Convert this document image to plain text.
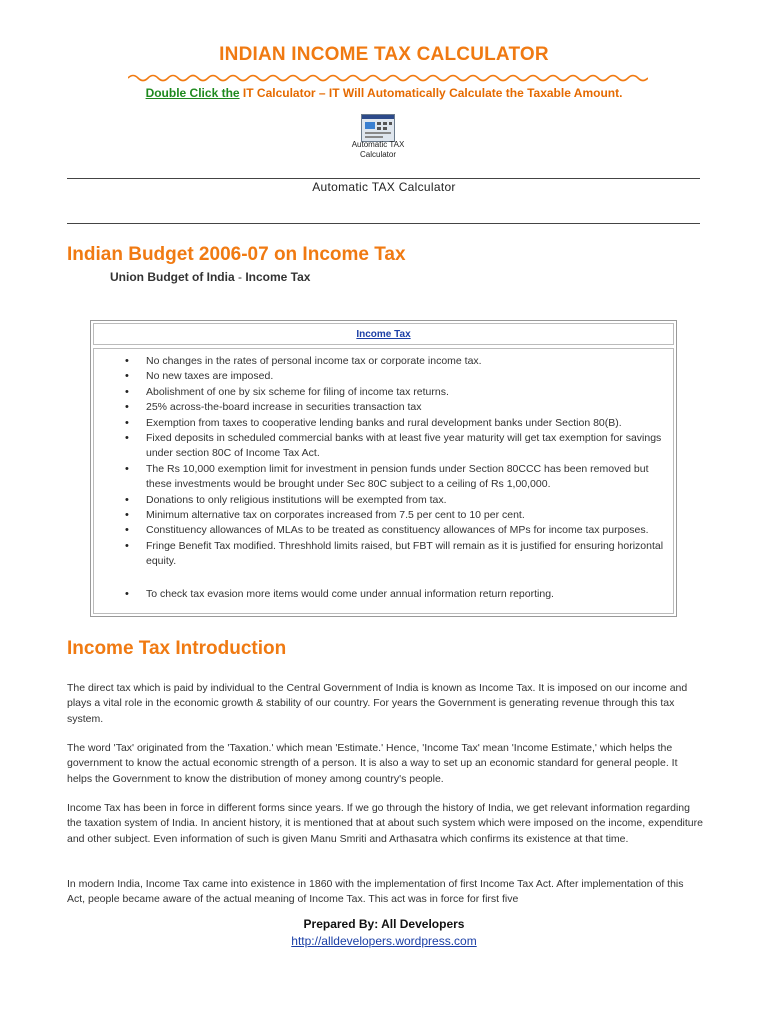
INDIAN INCOME TAX CALCULATOR
Double Click the IT Calculator – IT Will Automatically Calculate the Taxable Amount.
Automatic TAX Calculator
Automatic TAX Calculator
Indian Budget 2006-07 on Income Tax
Union Budget of India - Income Tax
Income Tax
• No changes in the rates of personal income tax or corporate income tax.
• No new taxes are imposed.
• Abolishment of one by six scheme for filing of income tax returns.
• 25% across-the-board increase in securities transaction tax
• Exemption from taxes to cooperative lending banks and rural development banks under Section 80(B).
• Fixed deposits in scheduled commercial banks with at least five year maturity will get tax exemption for savings under section 80C of Income Tax Act.
• The Rs 10,000 exemption limit for investment in pension funds under Section 80CCC has been removed but these investments would be brought under Sec 80C subject to a ceiling of Rs 1,00,000.
• Donations to only religious institutions will be exempted from tax.
• Minimum alternative tax on corporates increased from 7.5 per cent to 10 per cent.
• Constituency allowances of MLAs to be treated as constituency allowances of MPs for income tax purposes.
• Fringe Benefit Tax modified. Threshhold limits raised, but FBT will remain as it is justified for ensuring horizontal equity.
• To check tax evasion more items would come under annual information return reporting.
Income Tax Introduction

The direct tax which is paid by individual to the Central Government of India is known as Income Tax. It is imposed on our income and plays a vital role in the economic growth & stability of our country. For years the Government is generating revenue through this tax system.

The word 'Tax' originated from the 'Taxation.' which mean 'Estimate.' Hence, 'Income Tax' mean 'Income Estimate,' which helps the government to know the actual economic strength of a person. It is also a way to set up an economic standard for general people. It helps the Government to know the distribution of money among country's people.

Income Tax has been in force in different forms since years. If we go through the history of India, we get relevant information regarding the taxation system of India. In ancient history, it is mentioned that at about such system which were imposed on the income, expenditure and other subject. Even information of such is given Manu Smriti and Arthasatra which confirms its existence at that time.

In modern India, Income Tax came into existence in 1860 with the implementation of first Income Tax Act. After implementation of this Act, people became aware of the actual meaning of Income Tax. This act was in force for first five

Prepared By: All Developers
http://alldevelopers.wordpress.com
